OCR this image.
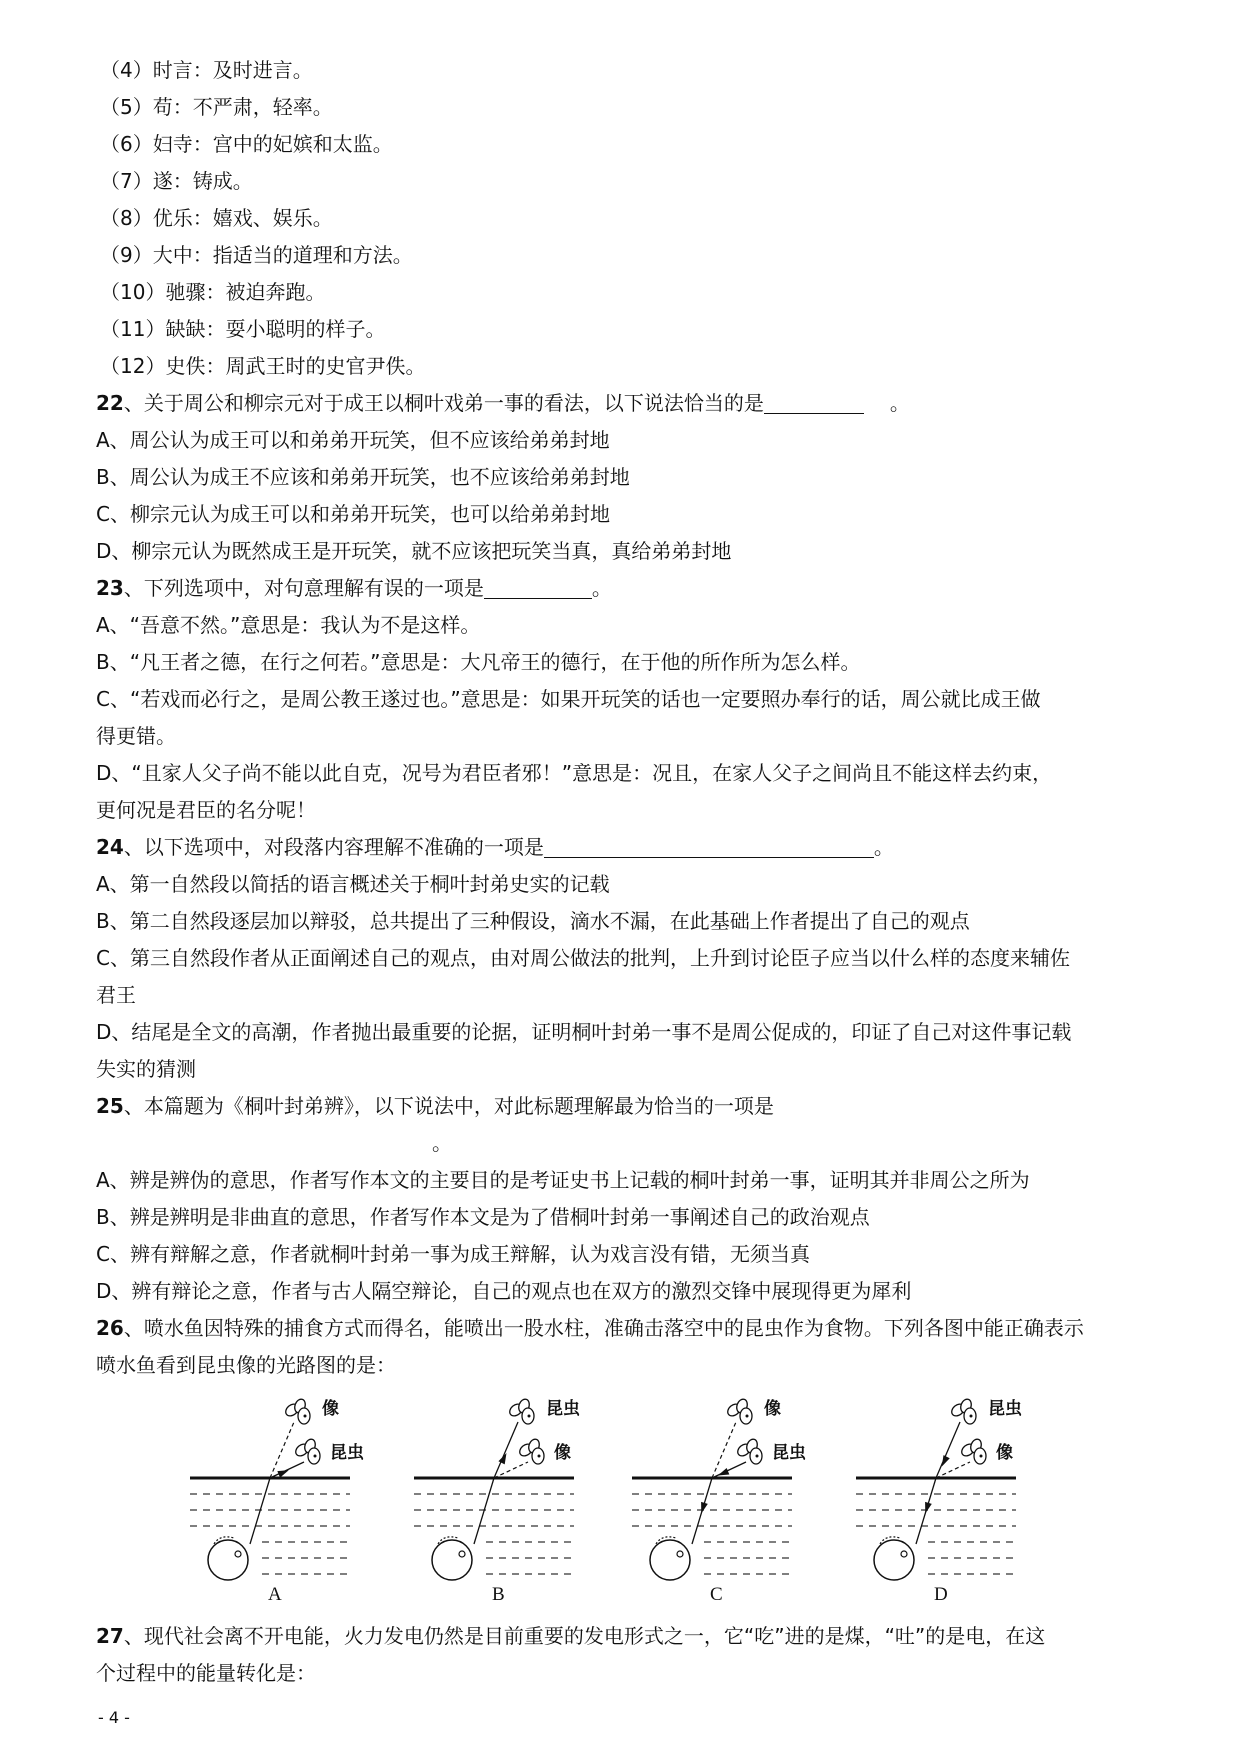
（4）时言：及时进言。
（5）苟：不严肃，轻率。
（6）妇寺：宫中的妃嫔和太监。
（7）遂：铸成。
（8）优乐：嬉戏、娱乐。
（9）大中：指适当的道理和方法。
（10）驰骤：被迫奔跑。
（11）缺缺：耍小聪明的样子。
（12）史佚：周武王时的史官尹佚。
22、关于周公和柳宗元对于成王以桐叶戏弟一事的看法，以下说法恰当的是	。
A、周公认为成王可以和弟弟开玩笑，但不应该给弟弟封地
B、周公认为成王不应该和弟弟开玩笑，也不应该给弟弟封地
C、柳宗元认为成王可以和弟弟开玩笑，也可以给弟弟封地
D、柳宗元认为既然成王是开玩笑，就不应该把玩笑当真，真给弟弟封地
23、下列选项中，对句意理解有误的一项是	。
A、“吾意不然。”意思是：我认为不是这样。
B、“凡王者之德，在行之何若。”意思是：大凡帝王的德行，在于他的所作所为怎么样。
C、“若戏而必行之，是周公教王遂过也。”意思是：如果开玩笑的话也一定要照办奉行的话，周公就比成王做
得更错。
D、“且家人父子尚不能以此自克，况号为君臣者邪！”意思是：况且，在家人父子之间尚且不能这样去约束，
更何况是君臣的名分呢！
24、以下选项中，对段落内容理解不准确的一项是	。
A、第一自然段以简括的语言概述关于桐叶封弟史实的记载
B、第二自然段逐层加以辩驳，总共提出了三种假设，滴水不漏，在此基础上作者提出了自己的观点
C、第三自然段作者从正面阐述自己的观点，由对周公做法的批判，上升到讨论臣子应当以什么样的态度来辅佐
君王
D、结尾是全文的高潮，作者抛出最重要的论据，证明桐叶封弟一事不是周公促成的，印证了自己对这件事记载
失实的猜测
25、本篇题为《桐叶封弟辨》，以下说法中，对此标题理解最为恰当的一项是
。
A、辨是辨伪的意思，作者写作本文的主要目的是考证史书上记载的桐叶封弟一事，证明其并非周公之所为
B、辨是辨明是非曲直的意思，作者写作本文是为了借桐叶封弟一事阐述自己的政治观点
C、辨有辩解之意，作者就桐叶封弟一事为成王辩解，认为戏言没有错，无须当真
D、辨有辩论之意，作者与古人隔空辩论，自己的观点也在双方的激烈交锋中展现得更为犀利
26、喷水鱼因特殊的捕食方式而得名，能喷出一股水柱，准确击落空中的昆虫作为食物。下列各图中能正确表示
喷水鱼看到昆虫像的光路图的是：
像
昆虫
A
昆虫
像
B
像
昆虫
C
昆虫
像
D
27、现代社会离不开电能，火力发电仍然是目前重要的发电形式之一，它“吃”进的是煤，“吐”的是电，在这
个过程中的能量转化是：
- 4 -
